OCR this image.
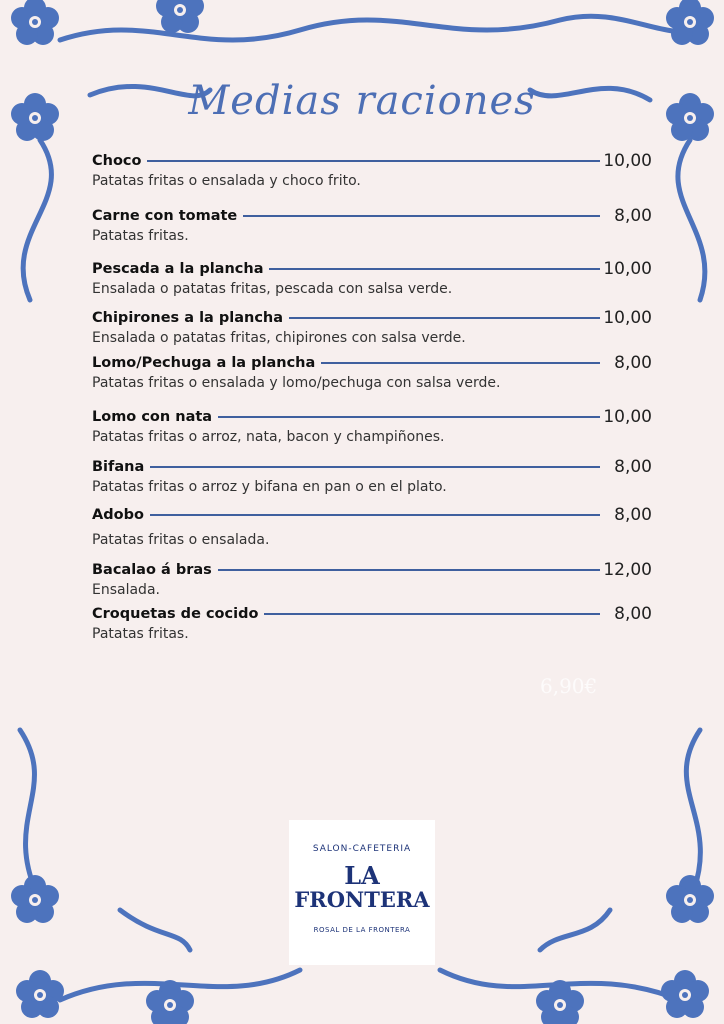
Medias raciones
Choco	10,00
Patatas fritas o ensalada y choco frito.
Carne con tomate	8,00
Patatas fritas.
Pescada a la plancha	10,00
Ensalada o patatas fritas, pescada con salsa verde.
Chipirones a la plancha	10,00
Ensalada o patatas fritas, chipirones con salsa verde.
Lomo/Pechuga a la plancha	8,00
Patatas fritas o ensalada y lomo/pechuga con salsa verde.
Lomo con nata	10,00
Patatas fritas o arroz, nata, bacon y champiñones.
Bifana	8,00
Patatas fritas o arroz y bifana en pan o en el plato.
Adobo	8,00
Patatas fritas o ensalada.
Bacalao á bras	12,00
Ensalada.
Croquetas de cocido	8,00
Patatas fritas.
6,90€
SALON-CAFETERIA
LA
FRONTERA
ROSAL DE LA FRONTERA
